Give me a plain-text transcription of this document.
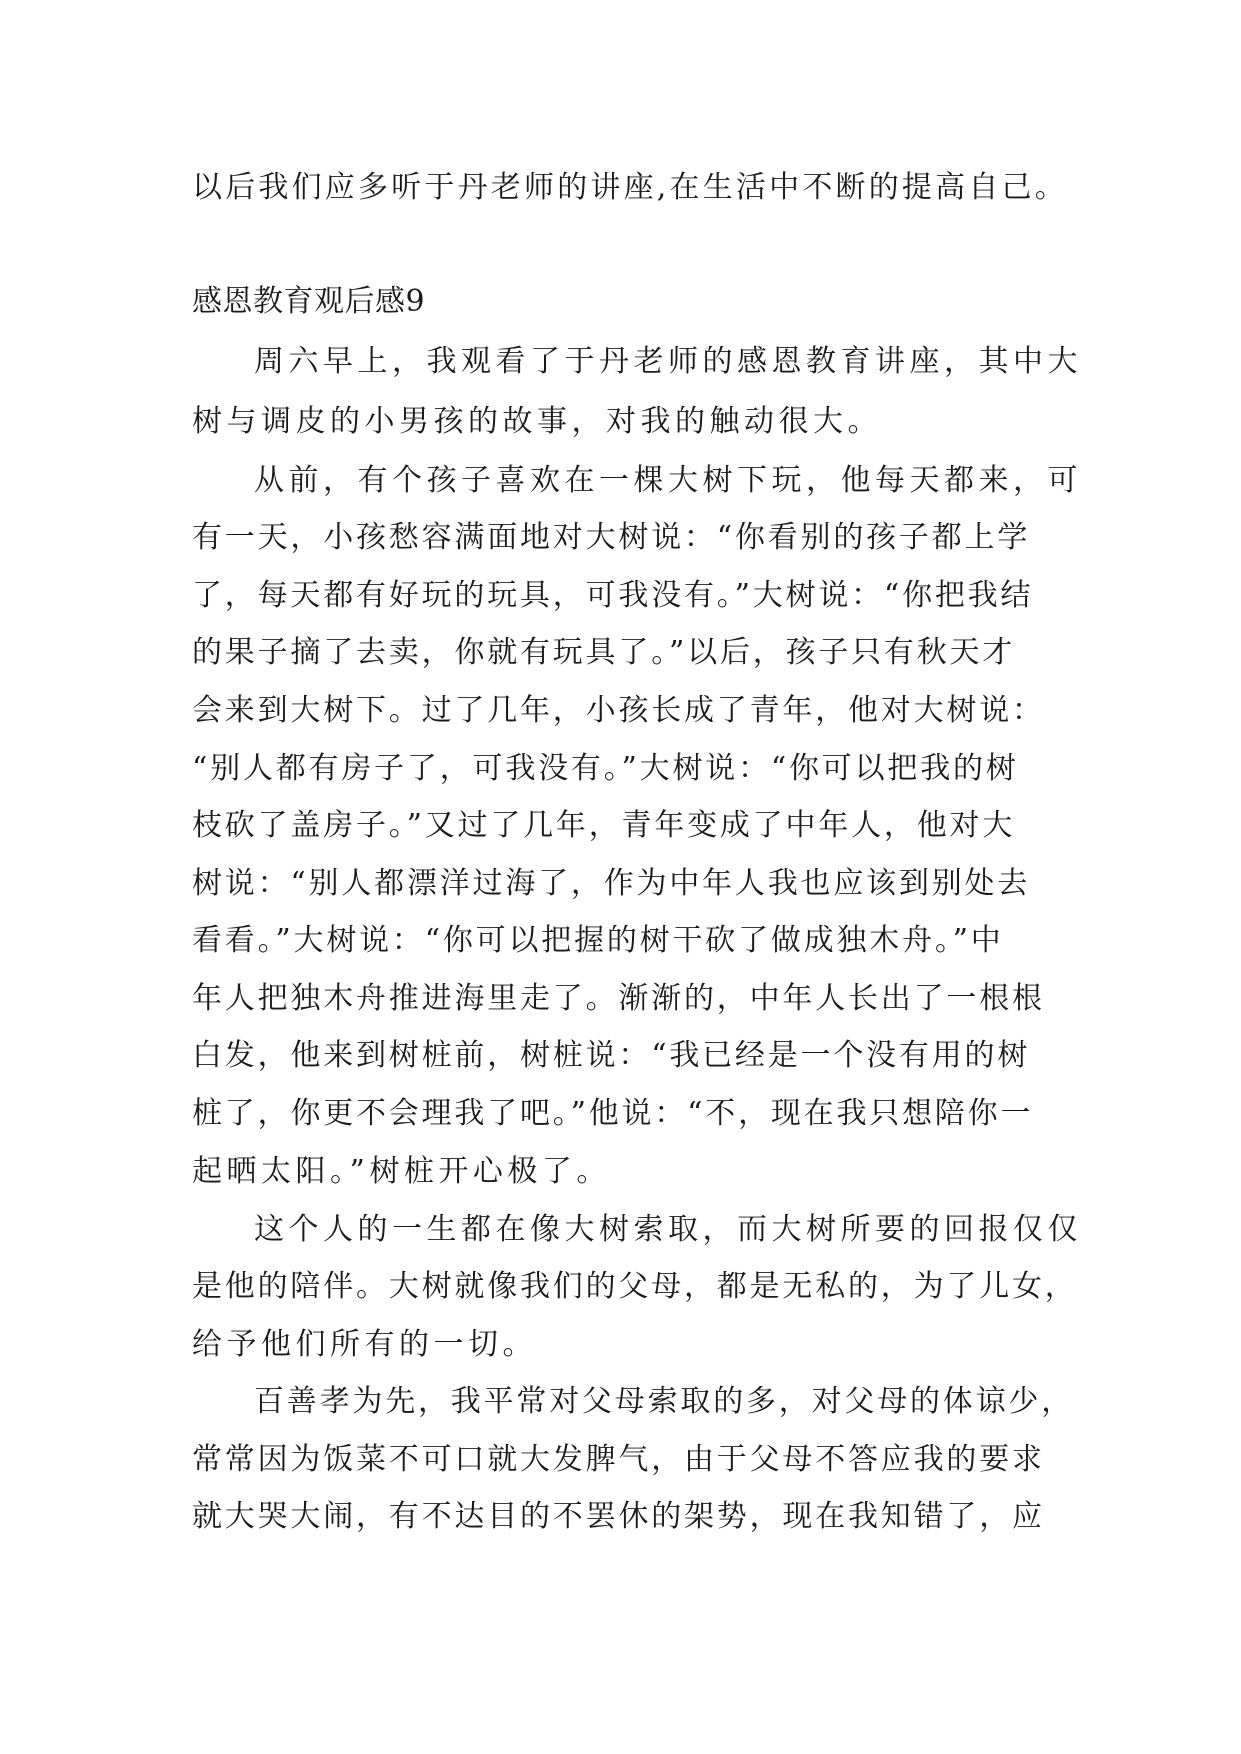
以后我们应多听于丹老师的讲座,在生活中不断的提高自己。
感恩教育观后感9
周六早上，我观看了于丹老师的感恩教育讲座，其中大
树与调皮的小男孩的故事，对我的触动很大。
从前，有个孩子喜欢在一棵大树下玩，他每天都来，可
有一天，小孩愁容满面地对大树说：“你看别的孩子都上学
了，每天都有好玩的玩具，可我没有。”大树说：“你把我结
的果子摘了去卖，你就有玩具了。”以后，孩子只有秋天才
会来到大树下。过了几年，小孩长成了青年，他对大树说：
“别人都有房子了，可我没有。”大树说：“你可以把我的树
枝砍了盖房子。”又过了几年，青年变成了中年人，他对大
树说：“别人都漂洋过海了，作为中年人我也应该到别处去
看看。”大树说：“你可以把握的树干砍了做成独木舟。”中
年人把独木舟推进海里走了。渐渐的，中年人长出了一根根
白发，他来到树桩前，树桩说：“我已经是一个没有用的树
桩了，你更不会理我了吧。”他说：“不，现在我只想陪你一
起晒太阳。”树桩开心极了。
这个人的一生都在像大树索取，而大树所要的回报仅仅
是他的陪伴。大树就像我们的父母，都是无私的，为了儿女，
给予他们所有的一切。
百善孝为先，我平常对父母索取的多，对父母的体谅少，
常常因为饭菜不可口就大发脾气，由于父母不答应我的要求
就大哭大闹，有不达目的不罢休的架势，现在我知错了，应
